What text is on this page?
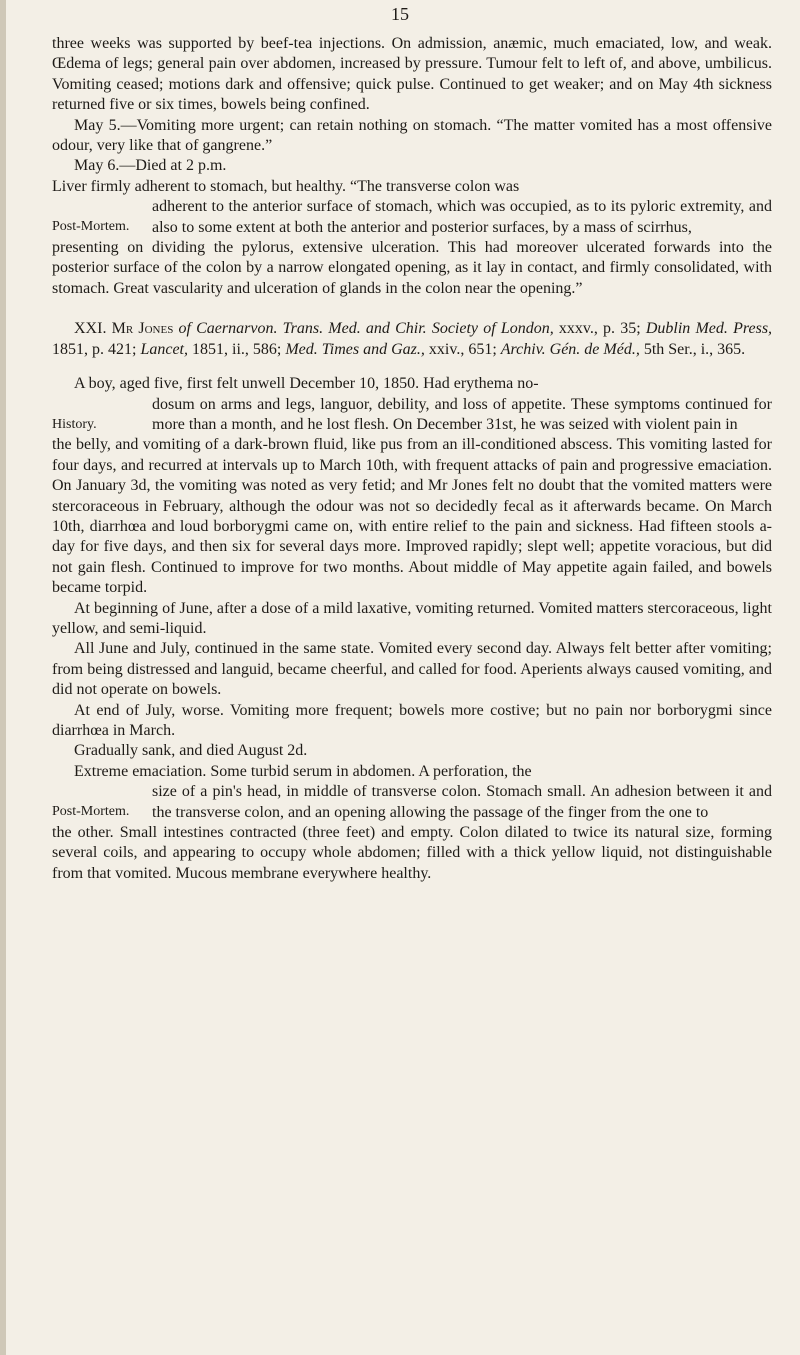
15

three weeks was supported by beef-tea injections. On admission, anæmic, much emaciated, low, and weak. Œdema of legs; general pain over abdomen, increased by pressure. Tumour felt to left of, and above, umbilicus. Vomiting ceased; motions dark and offensive; quick pulse. Continued to get weaker; and on May 4th sickness returned five or six times, bowels being confined.

May 5.—Vomiting more urgent; can retain nothing on stomach. “The matter vomited has a most offensive odour, very like that of gangrene.”

May 6.—Died at 2 p.m.

Liver firmly adherent to stomach, but healthy. “The transverse colon was

Post-Mortem.

adherent to the anterior surface of stomach, which was occupied, as to its pyloric extremity, and also to some extent at both the anterior and posterior surfaces, by a mass of scirrhus,

presenting on dividing the pylorus, extensive ulceration. This had moreover ulcerated forwards into the posterior surface of the colon by a narrow elongated opening, as it lay in contact, and firmly consolidated, with stomach. Great vascularity and ulceration of glands in the colon near the opening.”

XXI. Mr Jones of Caernarvon. Trans. Med. and Chir. Society of London, xxxv., p. 35; Dublin Med. Press, 1851, p. 421; Lancet, 1851, ii., 586; Med. Times and Gaz., xxiv., 651; Archiv. Gén. de Méd., 5th Ser., i., 365.

A boy, aged five, first felt unwell December 10, 1850. Had erythema no-

History.

dosum on arms and legs, languor, debility, and loss of appetite. These symptoms continued for more than a month, and he lost flesh. On December 31st, he was seized with violent pain in

the belly, and vomiting of a dark-brown fluid, like pus from an ill-conditioned abscess. This vomiting lasted for four days, and recurred at intervals up to March 10th, with frequent attacks of pain and progressive emaciation. On January 3d, the vomiting was noted as very fetid; and Mr Jones felt no doubt that the vomited matters were stercoraceous in February, although the odour was not so decidedly fecal as it afterwards became. On March 10th, diarrhœa and loud borborygmi came on, with entire relief to the pain and sickness. Had fifteen stools a-day for five days, and then six for several days more. Improved rapidly; slept well; appetite voracious, but did not gain flesh. Continued to improve for two months. About middle of May appetite again failed, and bowels became torpid.

At beginning of June, after a dose of a mild laxative, vomiting returned. Vomited matters stercoraceous, light yellow, and semi-liquid.

All June and July, continued in the same state. Vomited every second day. Always felt better after vomiting; from being distressed and languid, became cheerful, and called for food. Aperients always caused vomiting, and did not operate on bowels.

At end of July, worse. Vomiting more frequent; bowels more costive; but no pain nor borborygmi since diarrhœa in March.

Gradually sank, and died August 2d.

Extreme emaciation. Some turbid serum in abdomen. A perforation, the

Post-Mortem.

size of a pin's head, in middle of transverse colon. Stomach small. An adhesion between it and the transverse colon, and an opening allowing the passage of the finger from the one to

the other. Small intestines contracted (three feet) and empty. Colon dilated to twice its natural size, forming several coils, and appearing to occupy whole abdomen; filled with a thick yellow liquid, not distinguishable from that vomited. Mucous membrane everywhere healthy.
